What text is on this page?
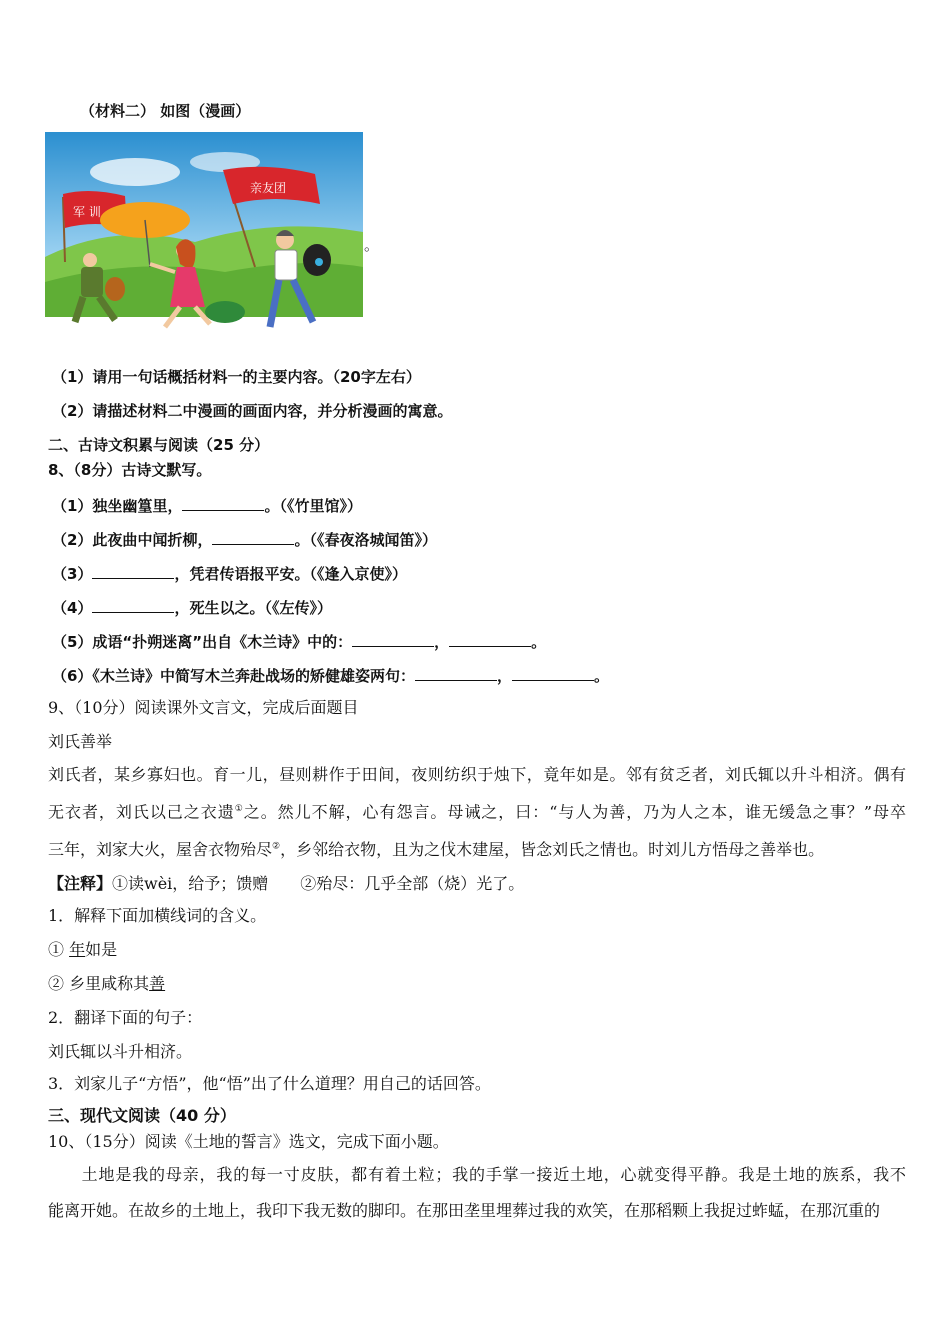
（材料二） 如图（漫画）
军 训
亲友团
。
（1）请用一句话概括材料一的主要内容。（20字左右）
（2）请描述材料二中漫画的画面内容，并分析漫画的寓意。
二、古诗文积累与阅读（25 分）
8、（8分）古诗文默写。
（1）独坐幽篁里，	。（《竹里馆》）
（2）此夜曲中闻折柳，	。（《春夜洛城闻笛》）
（3）	，凭君传语报平安。（《逢入京使》）
（4）	，死生以之。（《左传》）
（5）成语“扑朔迷离”出自《木兰诗》中的：	，	。
（6）《木兰诗》中简写木兰奔赴战场的矫健雄姿两句：	，	。
9、（10分）阅读课外文言文，完成后面题目
刘氏善举
刘氏者，某乡寡妇也。育一儿，昼则耕作于田间，夜则纺织于烛下，竟年如是。邻有贫乏者，刘氏辄以升斗相济。偶有
无衣者，刘氏以己之衣遗①之。然儿不解，心有怨言。母诫之，曰：“与人为善，乃为人之本，谁无缓急之事？”母卒
三年，刘家大火，屋舍衣物殆尽②，乡邻给衣物，且为之伐木建屋，皆念刘氏之情也。时刘儿方悟母之善举也。
【注释】①读wèi，给予；馈赠　　②殆尽：几乎全部（烧）光了。
1．解释下面加横线词的含义。
① 年如是
② 乡里咸称其善
2．翻译下面的句子：
刘氏辄以斗升相济。
3．刘家儿子“方悟”，他“悟”出了什么道理？用自己的话回答。
三、现代文阅读（40 分）
10、（15分）阅读《土地的誓言》选文，完成下面小题。
　　土地是我的母亲，我的每一寸皮肤，都有着土粒；我的手掌一接近土地，心就变得平静。我是土地的族系，我不
能离开她。在故乡的土地上，我印下我无数的脚印。在那田垄里埋葬过我的欢笑，在那稻颗上我捉过蚱蜢，在那沉重的
